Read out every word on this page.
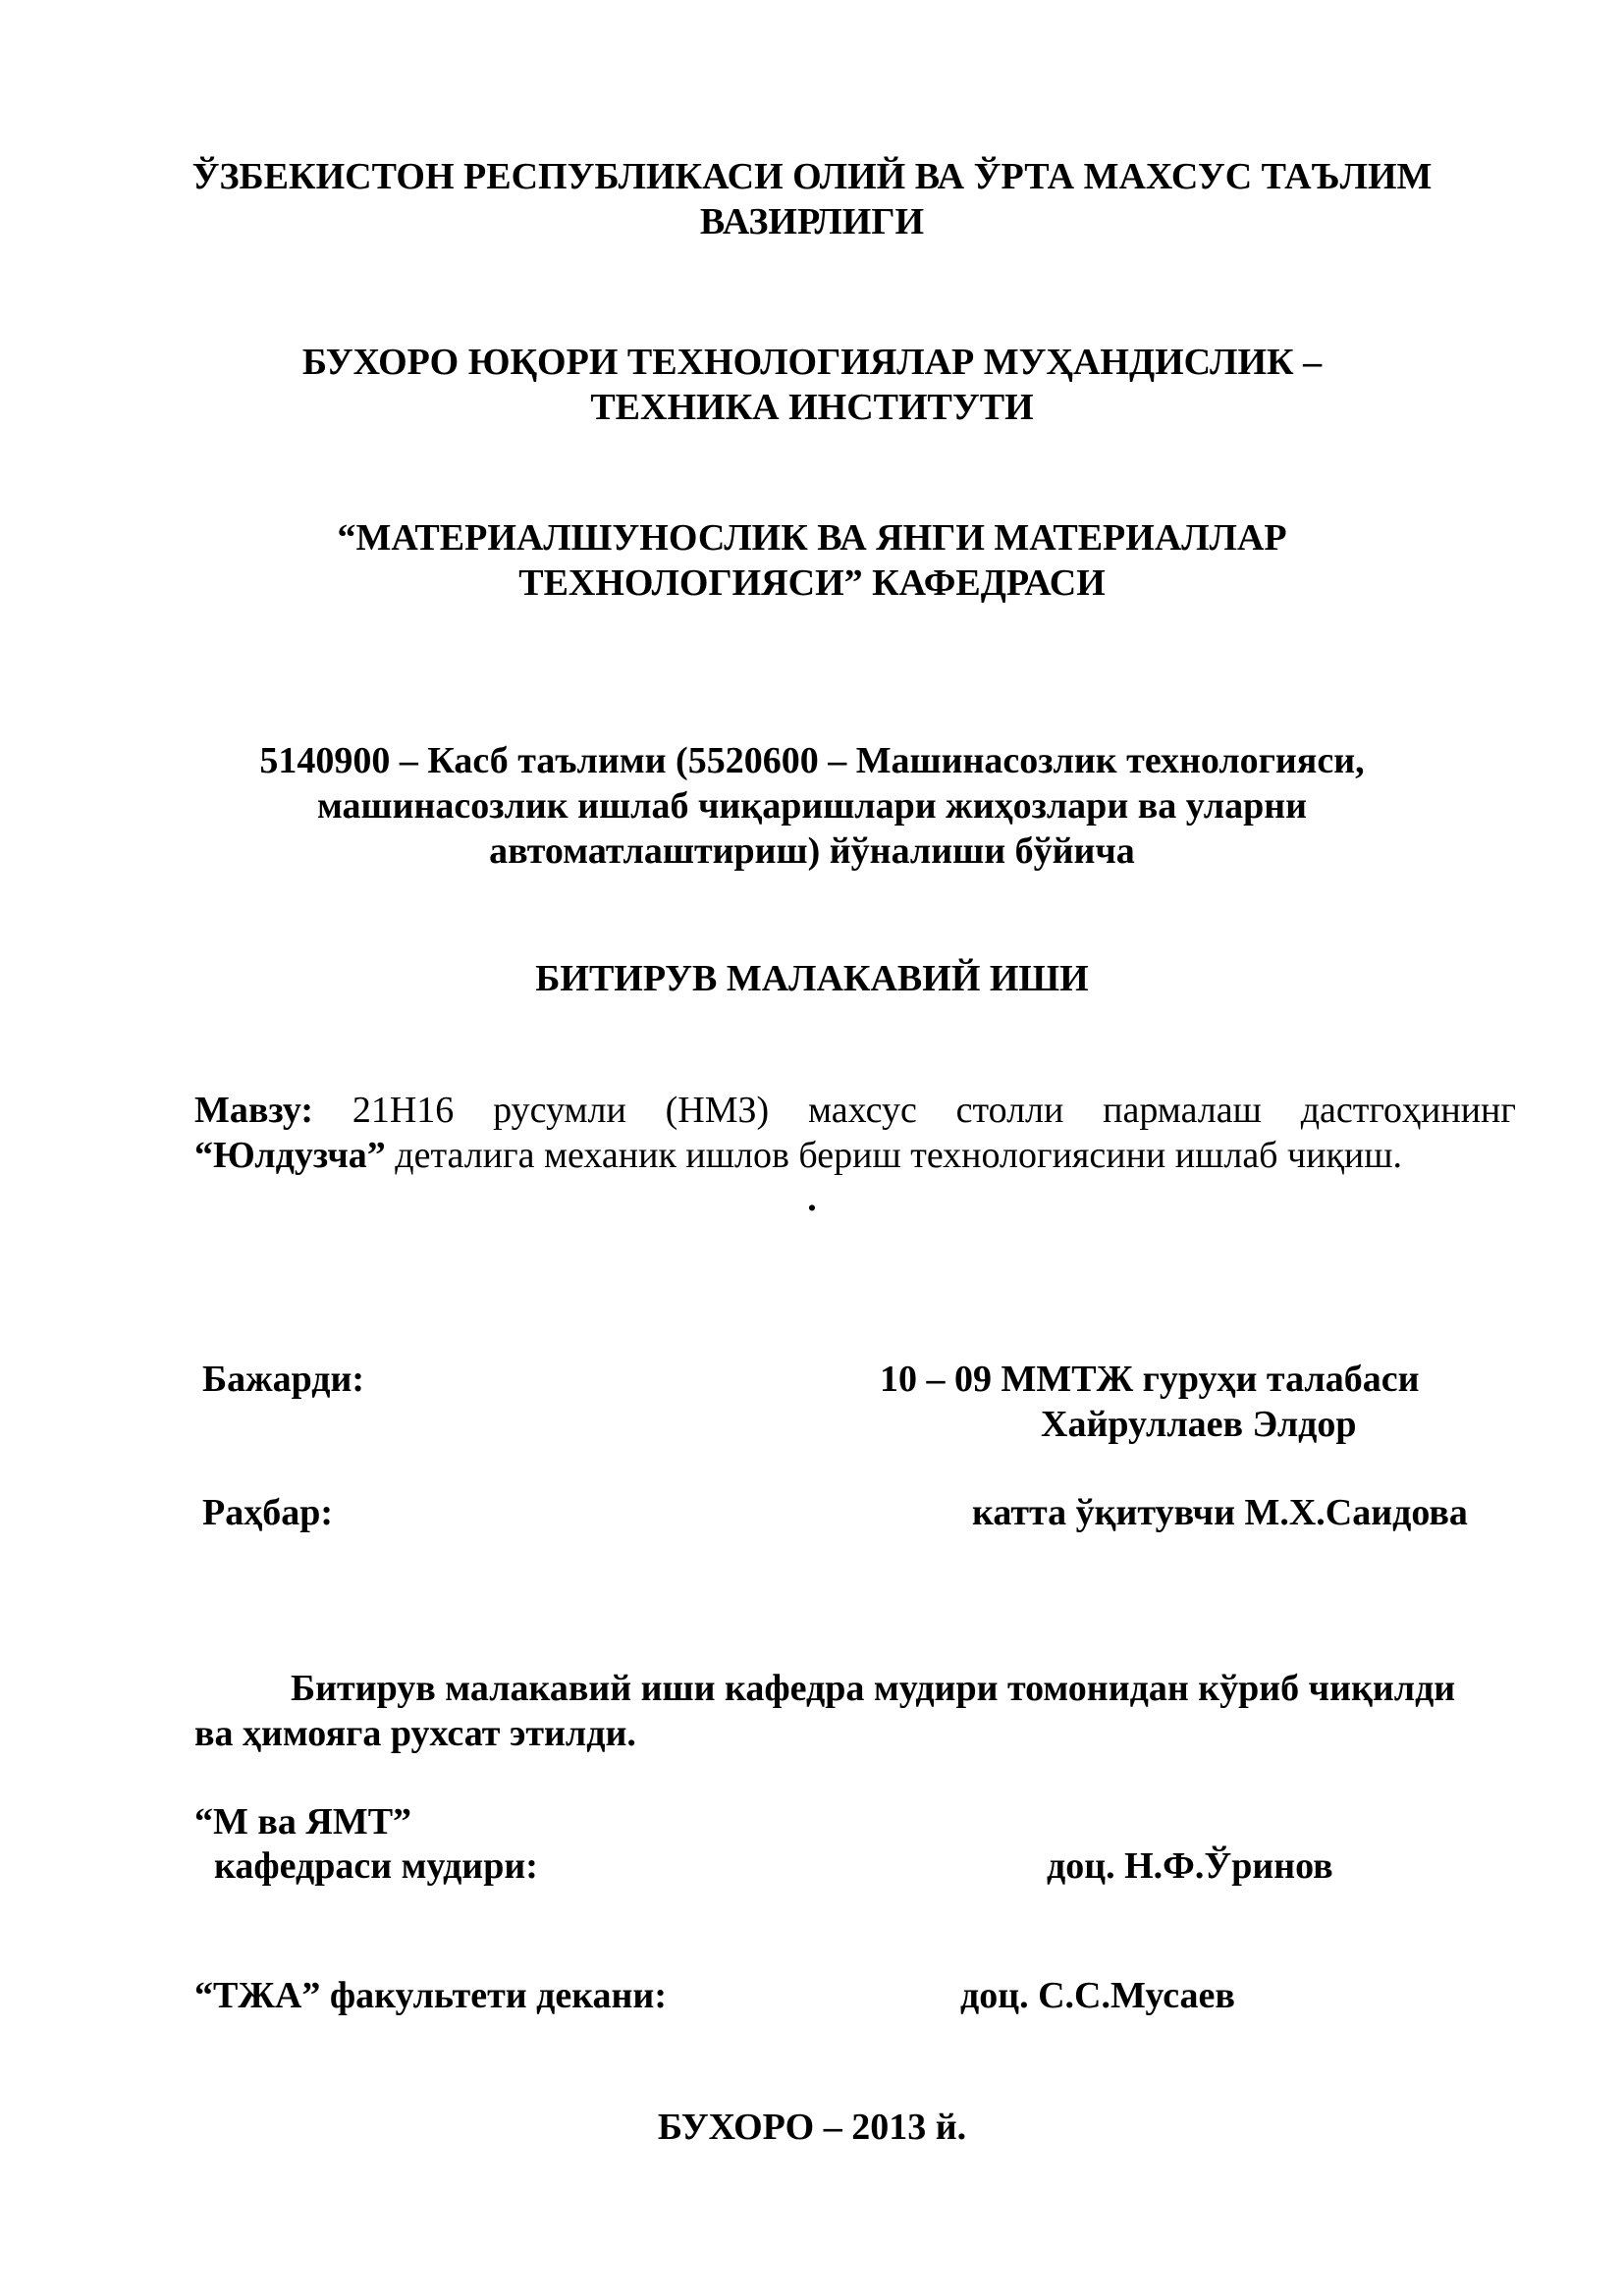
ЎЗБЕКИСТОН РЕСПУБЛИКАСИ ОЛИЙ ВА ЎРТА МАХСУС ТАЪЛИМ
ВАЗИРЛИГИ
БУХОРО ЮҚОРИ ТЕХНОЛОГИЯЛАР МУҲАНДИСЛИК –
ТЕХНИКА ИНСТИТУТИ
“МАТЕРИАЛШУНОСЛИК ВА ЯНГИ МАТЕРИАЛЛАР
ТЕХНОЛОГИЯСИ” КАФЕДРАСИ
5140900 – Касб таълими (5520600 – Машинасозлик технологияси,
машинасозлик ишлаб чиқаришлари жиҳозлари ва уларни
автоматлаштириш) йўналиши бўйича
БИТИРУВ МАЛАКАВИЙ ИШИ
Мавзу: 21Н16 русумли (НМЗ) махсус столли пармалаш дастгоҳининг
“Юлдузча” деталига механик ишлов бериш технологиясини ишлаб чиқиш.
.
Бажарди:	10 – 09 ММТЖ гуруҳи талабаси
Хайруллаев Элдор
Раҳбар:	катта ўқитувчи М.Х.Саидова
Битирув малакавий иши кафедра мудири томонидан кўриб чиқилди
ва ҳимояга рухсат этилди.
“М ва ЯМТ”
кафедраси мудири:	доц. Н.Ф.Ўринов
“ТЖА” факультети декани:	доц. С.С.Мусаев
БУХОРО – 2013 й.
